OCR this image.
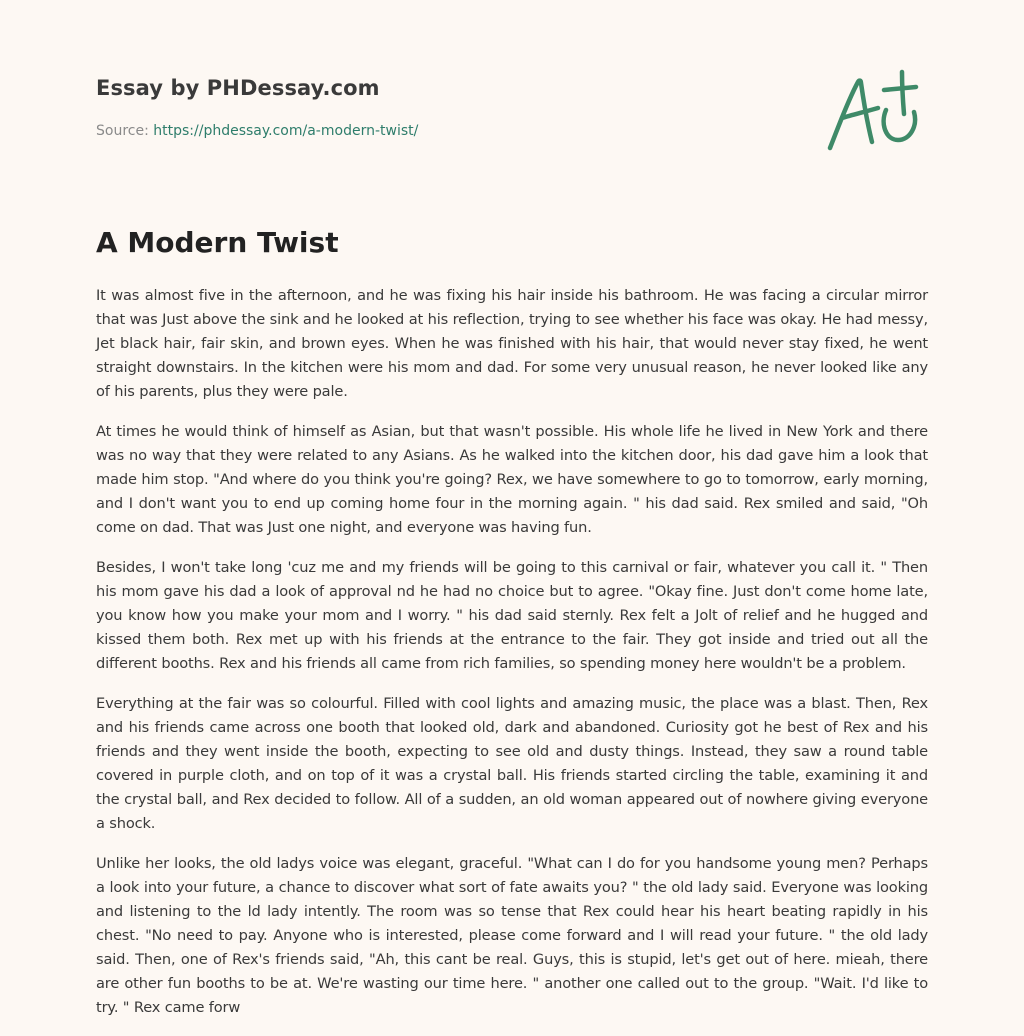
Essay by PHDessay.com
Source: https://phdessay.com/a-modern-twist/
A Modern Twist

It was almost five in the afternoon, and he was fixing his hair inside his bathroom. He was facing a circular mirror that was Just above the sink and he looked at his reflection, trying to see whether his face was okay. He had messy, Jet black hair, fair skin, and brown eyes. When he was finished with his hair, that would never stay fixed, he went straight downstairs. In the kitchen were his mom and dad. For some very unusual reason, he never looked like any of his parents, plus they were pale.

At times he would think of himself as Asian, but that wasn't possible. His whole life he lived in New York and there was no way that they were related to any Asians. As he walked into the kitchen door, his dad gave him a look that made him stop. "And where do you think you're going? Rex, we have somewhere to go to tomorrow, early morning, and I don't want you to end up coming home four in the morning again. " his dad said. Rex smiled and said, "Oh come on dad. That was Just one night, and everyone was having fun.

Besides, I won't take long 'cuz me and my friends will be going to this carnival or fair, whatever you call it. " Then his mom gave his dad a look of approval nd he had no choice but to agree. "Okay fine. Just don't come home late, you know how you make your mom and I worry. " his dad said sternly. Rex felt a Jolt of relief and he hugged and kissed them both. Rex met up with his friends at the entrance to the fair. They got inside and tried out all the different booths. Rex and his friends all came from rich families, so spending money here wouldn't be a problem.

Everything at the fair was so colourful. Filled with cool lights and amazing music, the place was a blast. Then, Rex and his friends came across one booth that looked old, dark and abandoned. Curiosity got he best of Rex and his friends and they went inside the booth, expecting to see old and dusty things. Instead, they saw a round table covered in purple cloth, and on top of it was a crystal ball. His friends started circling the table, examining it and the crystal ball, and Rex decided to follow. All of a sudden, an old woman appeared out of nowhere giving everyone a shock.

Unlike her looks, the old ladys voice was elegant, graceful. "What can I do for you handsome young men? Perhaps a look into your future, a chance to discover what sort of fate awaits you? " the old lady said. Everyone was looking and listening to the ld lady intently. The room was so tense that Rex could hear his heart beating rapidly in his chest. "No need to pay. Anyone who is interested, please come forward and I will read your future. " the old lady said. Then, one of Rex's friends said, "Ah, this cant be real. Guys, this is stupid, let's get out of here. mieah, there are other fun booths to be at. We're wasting our time here. " another one called out to the group. "Wait. I'd like to try. " Rex came forw
